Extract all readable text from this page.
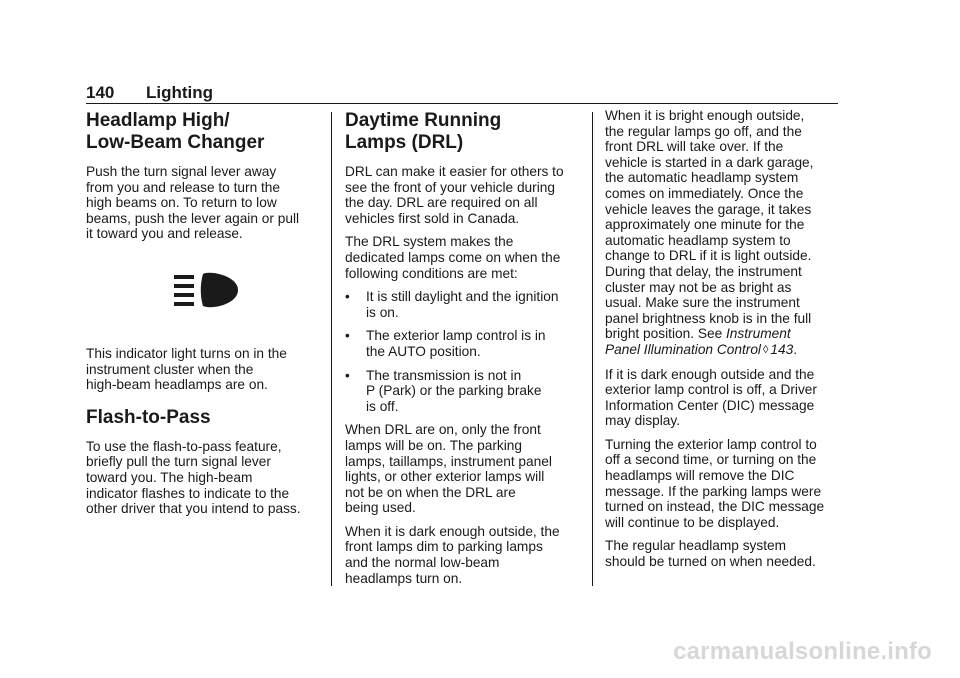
140 Lighting
Headlamp High/
Low-Beam Changer

Push the turn signal lever away
from you and release to turn the
high beams on. To return to low
beams, push the lever again or pull
it toward you and release.

This indicator light turns on in the
instrument cluster when the
high-beam headlamps are on.

Flash-to-Pass

To use the flash-to-pass feature,
briefly pull the turn signal lever
toward you. The high-beam
indicator flashes to indicate to the
other driver that you intend to pass.

Daytime Running
Lamps (DRL)

DRL can make it easier for others to
see the front of your vehicle during
the day. DRL are required on all
vehicles first sold in Canada.

The DRL system makes the
dedicated lamps come on when the
following conditions are met:

•	It is still daylight and the ignition
is on.
•	The exterior lamp control is in
the AUTO position.
•	The transmission is not in
P (Park) or the parking brake
is off.

When DRL are on, only the front
lamps will be on. The parking
lamps, taillamps, instrument panel
lights, or other exterior lamps will
not be on when the DRL are
being used.

When it is dark enough outside, the
front lamps dim to parking lamps
and the normal low-beam
headlamps turn on.

When it is bright enough outside,
the regular lamps go off, and the
front DRL will take over. If the
vehicle is started in a dark garage,
the automatic headlamp system
comes on immediately. Once the
vehicle leaves the garage, it takes
approximately one minute for the
automatic headlamp system to
change to DRL if it is light outside.
During that delay, the instrument
cluster may not be as bright as
usual. Make sure the instrument
panel brightness knob is in the full
bright position. See Instrument
Panel Illumination Control ◊ 143.

If it is dark enough outside and the
exterior lamp control is off, a Driver
Information Center (DIC) message
may display.

Turning the exterior lamp control to
off a second time, or turning on the
headlamps will remove the DIC
message. If the parking lamps were
turned on instead, the DIC message
will continue to be displayed.

The regular headlamp system
should be turned on when needed.

carmanualsonline.info
